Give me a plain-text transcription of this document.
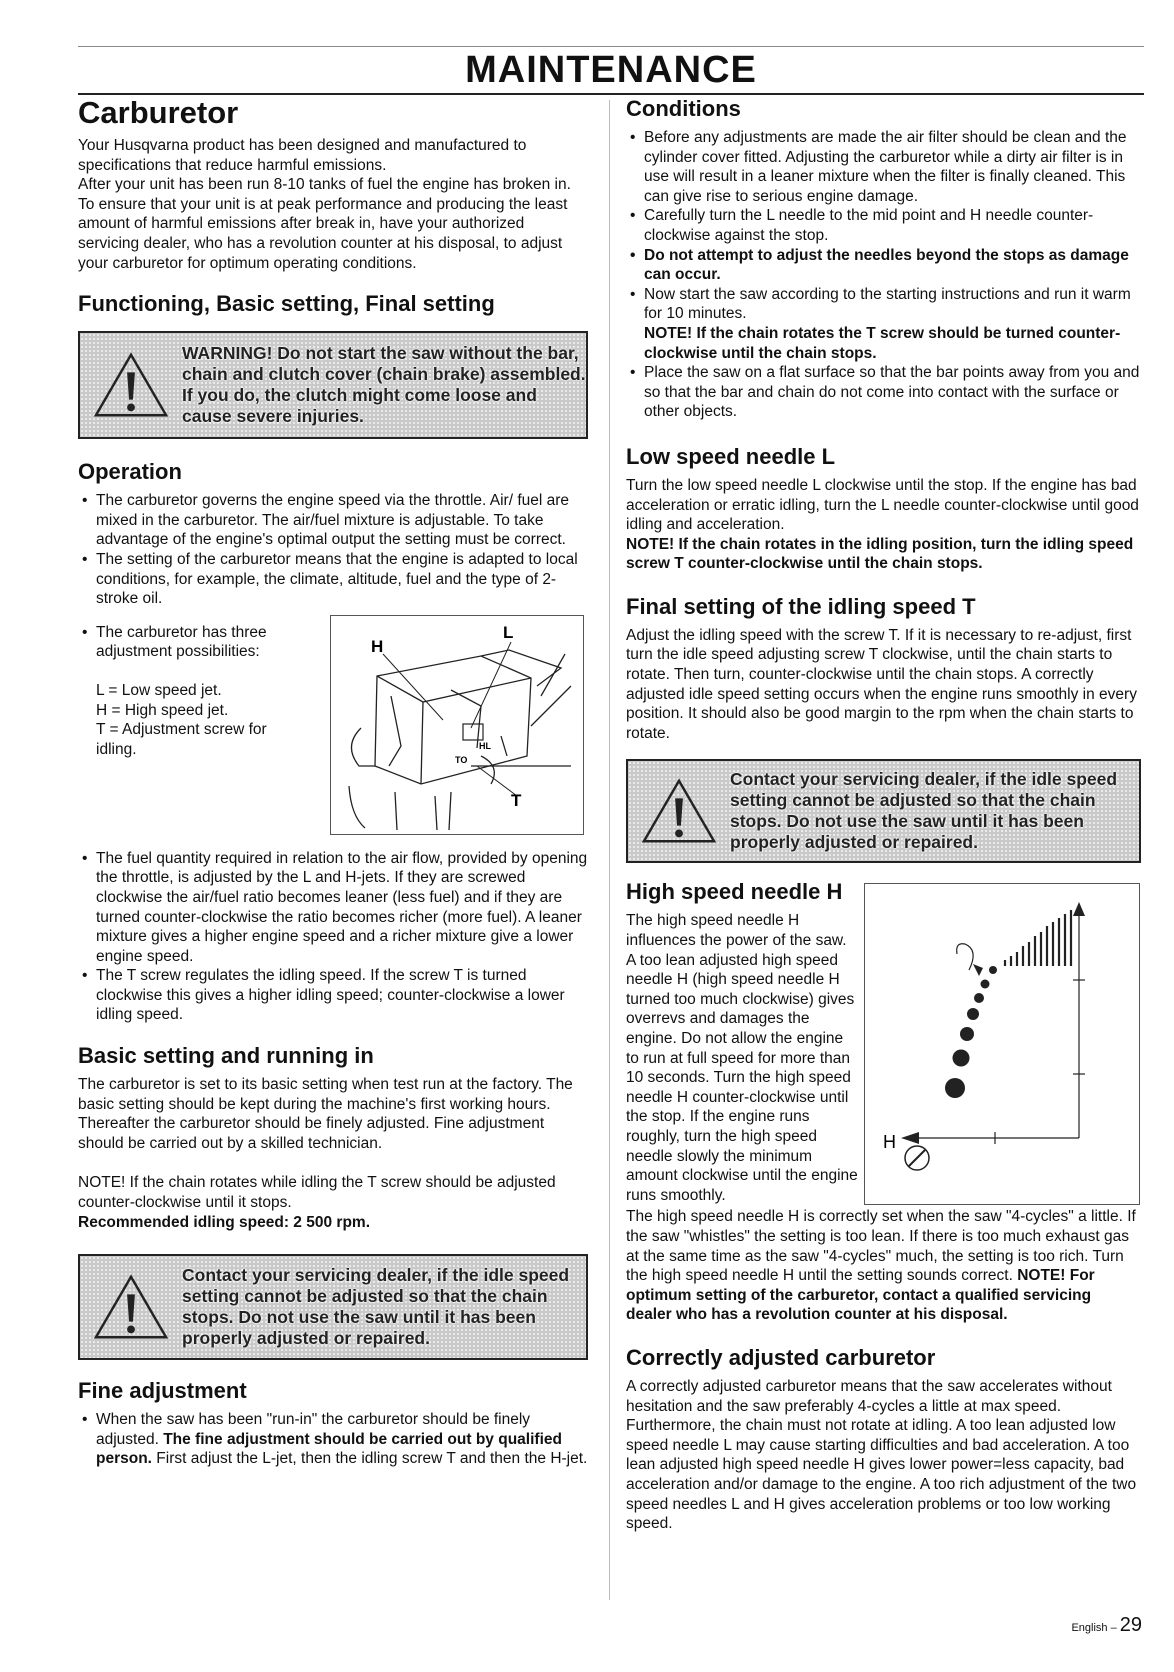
MAINTENANCE
Carburetor

Your Husqvarna product has been designed and manufactured to specifications that reduce harmful emissions.

After your unit has been run 8-10 tanks of fuel the engine has broken in. To ensure that your unit is at peak performance and producing the least amount of harmful emissions after break in, have your authorized servicing dealer, who has a revolution counter at his disposal, to adjust your carburetor for optimum operating conditions.

Functioning, Basic setting, Final setting
WARNING! Do not start the saw without the bar, chain and clutch cover (chain brake) assembled. If you do, the clutch might come loose and cause severe injuries.
Operation
• The carburetor governs the engine speed via the throttle. Air/ fuel are mixed in the carburetor. The air/fuel mixture is adjustable. To take advantage of the engine's optimal output the setting must be correct.
• The setting of the carburetor means that the engine is adapted to local conditions, for example, the climate, altitude, fuel and the type of 2-stroke oil.
• The carburetor has three adjustment possibilities:

L = Low speed jet.

H = High speed jet.

T = Adjustment screw for idling.

H
L
T
HL
TO
• The fuel quantity required in relation to the air flow, provided by opening the throttle, is adjusted by the L and H-jets. If they are screwed clockwise the air/fuel ratio becomes leaner (less fuel) and if they are turned counter-clockwise the ratio becomes richer (more fuel). A leaner mixture gives a higher engine speed and a richer mixture give a lower engine speed.
• The T screw regulates the idling speed. If the screw T is turned clockwise this gives a higher idling speed; counter-clockwise a lower idling speed.
Basic setting and running in

The carburetor is set to its basic setting when test run at the factory. The basic setting should be kept during the machine's first working hours. Thereafter the carburetor should be finely adjusted. Fine adjustment should be carried out by a skilled technician.

NOTE! If the chain rotates while idling the T screw should be adjusted counter-clockwise until it stops.

Recommended idling speed: 2 500 rpm.

Contact your servicing dealer, if the idle speed setting cannot be adjusted so that the chain stops. Do not use the saw until it has been properly adjusted or repaired.
Fine adjustment
• When the saw has been "run-in" the carburetor should be finely adjusted. The fine adjustment should be carried out by qualified person. First adjust the L-jet, then the idling screw T and then the H-jet.
Conditions
• Before any adjustments are made the air filter should be clean and the cylinder cover fitted. Adjusting the carburetor while a dirty air filter is in use will result in a leaner mixture when the filter is finally cleaned. This can give rise to serious engine damage.
• Carefully turn the L needle to the mid point and H needle counter-clockwise against the stop.
• Do not attempt to adjust the needles beyond the stops as damage can occur.
• Now start the saw according to the starting instructions and run it warm for 10 minutes.
NOTE! If the chain rotates the T screw should be turned counter-clockwise until the chain stops.
• Place the saw on a flat surface so that the bar points away from you and so that the bar and chain do not come into contact with the surface or other objects.
Low speed needle L

Turn the low speed needle L clockwise until the stop. If the engine has bad acceleration or erratic idling, turn the L needle counter-clockwise until good idling and acceleration.

NOTE! If the chain rotates in the idling position, turn the idling speed screw T counter-clockwise until the chain stops.

Final setting of the idling speed T

Adjust the idling speed with the screw T. If it is necessary to re-adjust, first turn the idle speed adjusting screw T clockwise, until the chain starts to rotate. Then turn, counter-clockwise until the chain stops. A correctly adjusted idle speed setting occurs when the engine runs smoothly in every position. It should also be good margin to the rpm when the chain starts to rotate.

Contact your servicing dealer, if the idle speed setting cannot be adjusted so that the chain stops. Do not use the saw until it has been properly adjusted or repaired.
High speed needle H

The high speed needle H influences the power of the saw. A too lean adjusted high speed needle H (high speed needle H turned too much clockwise) gives overrevs and damages the engine. Do not allow the engine to run at full speed for more than 10 seconds. Turn the high speed needle H counter-clockwise until the stop. If the engine runs roughly, turn the high speed needle slowly the minimum amount clockwise until the engine runs smoothly.

H

The high speed needle H is correctly set when the saw "4-cycles" a little. If the saw "whistles" the setting is too lean. If there is too much exhaust gas at the same time as the saw "4-cycles" much, the setting is too rich. Turn the high speed needle H until the setting sounds correct. NOTE! For optimum setting of the carburetor, contact a qualified servicing dealer who has a revolution counter at his disposal.

Correctly adjusted carburetor

A correctly adjusted carburetor means that the saw accelerates without hesitation and the saw preferably 4-cycles a little at max speed. Furthermore, the chain must not rotate at idling. A too lean adjusted low speed needle L may cause starting difficulties and bad acceleration. A too lean adjusted high speed needle H gives lower power=less capacity, bad acceleration and/or damage to the engine. A too rich adjustment of the two speed needles L and H gives acceleration problems or too low working speed.

English – 29
